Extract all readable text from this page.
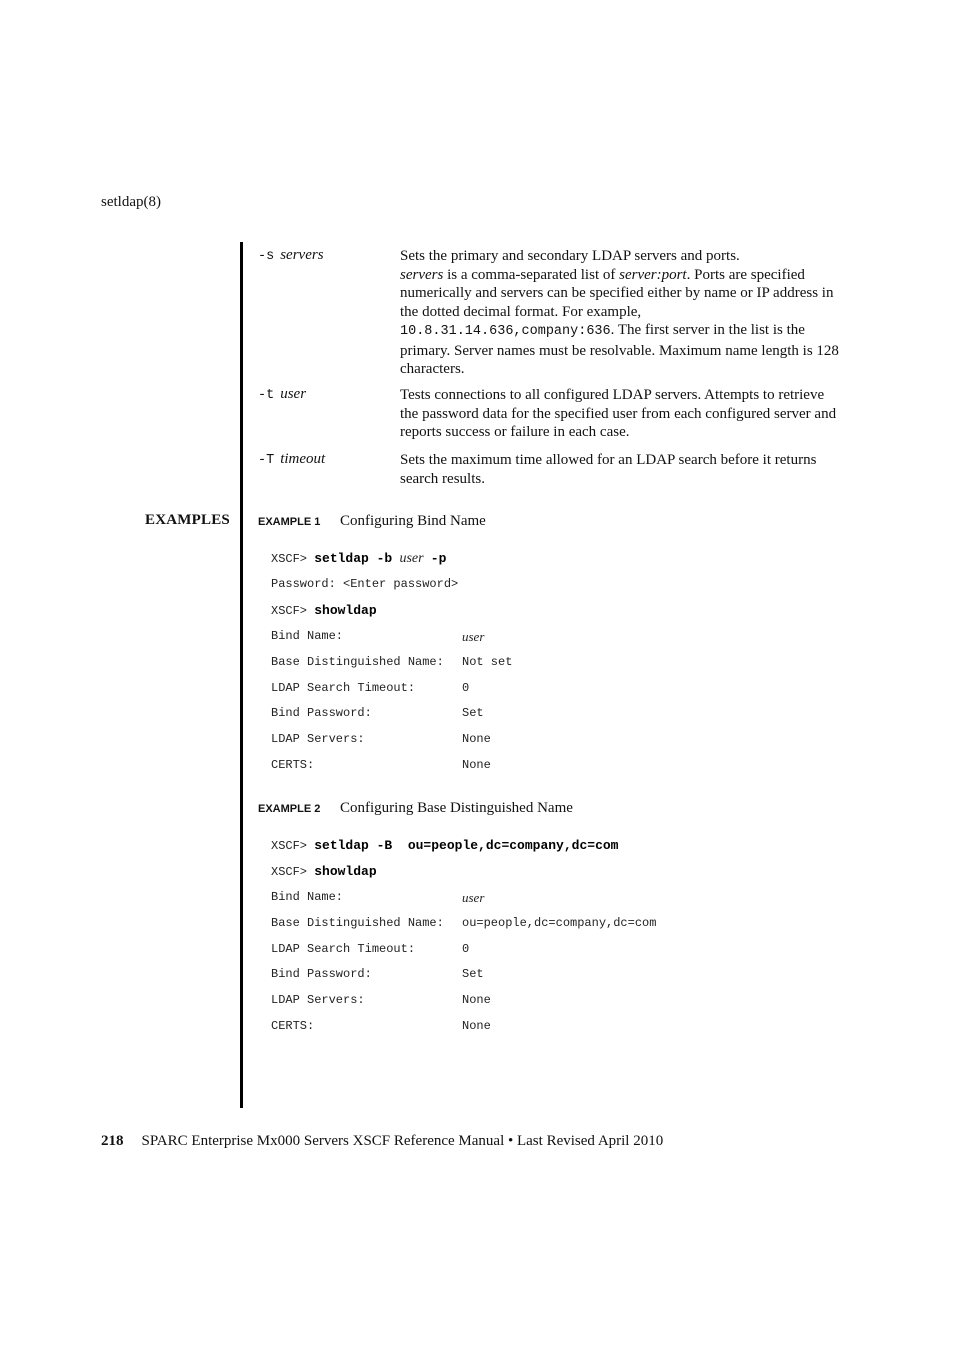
setldap(8)
-s servers	Sets the primary and secondary LDAP servers and ports.
servers is a comma-separated list of server:port. Ports are specified numerically and servers can be specified either by name or IP address in the dotted decimal format. For example, 10.8.31.14.636,company:636. The first server in the list is the primary. Server names must be resolvable. Maximum name length is 128 characters.
-t user	Tests connections to all configured LDAP servers. Attempts to retrieve the password data for the specified user from each configured server and reports success or failure in each case.
-T timeout	Sets the maximum time allowed for an LDAP search before it returns search results.
EXAMPLES	EXAMPLE 1 Configuring Bind Name
XSCF> setldap -b user -p
Password: <Enter password>
XSCF> showldap
Bind Name:	user
Base Distinguished Name: Not set
LDAP Search Timeout:	0
Bind Password:	Set
LDAP Servers:	None
CERTS:	None
EXAMPLE 2 Configuring Base Distinguished Name
XSCF> setldap -B  ou=people,dc=company,dc=com
XSCF> showldap
Bind Name:	user
Base Distinguished Name: ou=people,dc=company,dc=com
LDAP Search Timeout:	0
Bind Password:	Set
LDAP Servers:	None
CERTS:	None
218 SPARC Enterprise Mx000 Servers XSCF Reference Manual • Last Revised April 2010
